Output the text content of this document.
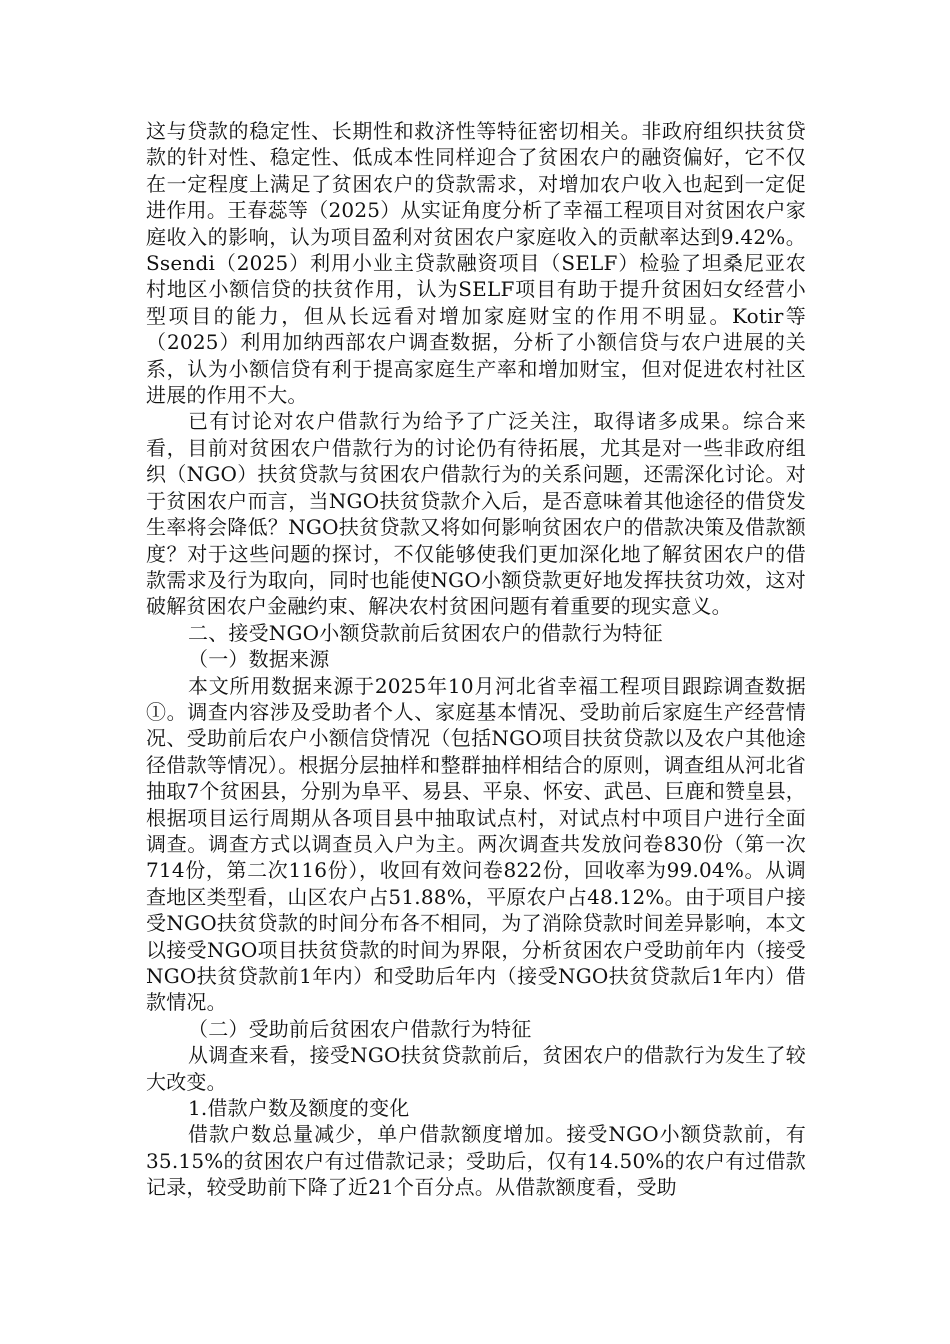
这与贷款的稳定性、长期性和救济性等特征密切相关。非政府组织扶贫贷款的针对性、稳定性、低成本性同样迎合了贫困农户的融资偏好，它不仅在一定程度上满足了贫困农户的贷款需求，对增加农户收入也起到一定促进作用。王春蕊等（2025）从实证角度分析了幸福工程项目对贫困农户家庭收入的影响，认为项目盈利对贫困农户家庭收入的贡献率达到9.42%。Ssendi（2025）利用小业主贷款融资项目（SELF）检验了坦桑尼亚农村地区小额信贷的扶贫作用，认为SELF项目有助于提升贫困妇女经营小型项目的能力，但从长远看对增加家庭财宝的作用不明显。Kotir等（2025）利用加纳西部农户调查数据，分析了小额信贷与农户进展的关系，认为小额信贷有利于提高家庭生产率和增加财宝，但对促进农村社区进展的作用不大。

已有讨论对农户借款行为给予了广泛关注，取得诸多成果。综合来看，目前对贫困农户借款行为的讨论仍有待拓展，尤其是对一些非政府组织（NGO）扶贫贷款与贫困农户借款行为的关系问题，还需深化讨论。对于贫困农户而言，当NGO扶贫贷款介入后，是否意味着其他途径的借贷发生率将会降低？NGO扶贫贷款又将如何影响贫困农户的借款决策及借款额度？对于这些问题的探讨，不仅能够使我们更加深化地了解贫困农户的借款需求及行为取向，同时也能使NGO小额贷款更好地发挥扶贫功效，这对破解贫困农户金融约束、解决农村贫困问题有着重要的现实意义。

二、接受NGO小额贷款前后贫困农户的借款行为特征

（一）数据来源

本文所用数据来源于2025年10月河北省幸福工程项目跟踪调查数据①。调查内容涉及受助者个人、家庭基本情况、受助前后家庭生产经营情况、受助前后农户小额信贷情况（包括NGO项目扶贫贷款以及农户其他途径借款等情况）。根据分层抽样和整群抽样相结合的原则，调查组从河北省抽取7个贫困县，分别为阜平、易县、平泉、怀安、武邑、巨鹿和赞皇县，根据项目运行周期从各项目县中抽取试点村，对试点村中项目户进行全面调查。调查方式以调查员入户为主。两次调查共发放问卷830份（第一次714份，第二次116份），收回有效问卷822份，回收率为99.04%。从调查地区类型看，山区农户占51.88%，平原农户占48.12%。由于项目户接受NGO扶贫贷款的时间分布各不相同，为了消除贷款时间差异影响，本文以接受NGO项目扶贫贷款的时间为界限，分析贫困农户受助前年内（接受NGO扶贫贷款前1年内）和受助后年内（接受NGO扶贫贷款后1年内）借款情况。

（二）受助前后贫困农户借款行为特征

从调查来看，接受NGO扶贫贷款前后，贫困农户的借款行为发生了较大改变。

1.借款户数及额度的变化

借款户数总量减少，单户借款额度增加。接受NGO小额贷款前，有35.15%的贫困农户有过借款记录；受助后，仅有14.50%的农户有过借款记录，较受助前下降了近21个百分点。从借款额度看，受助
